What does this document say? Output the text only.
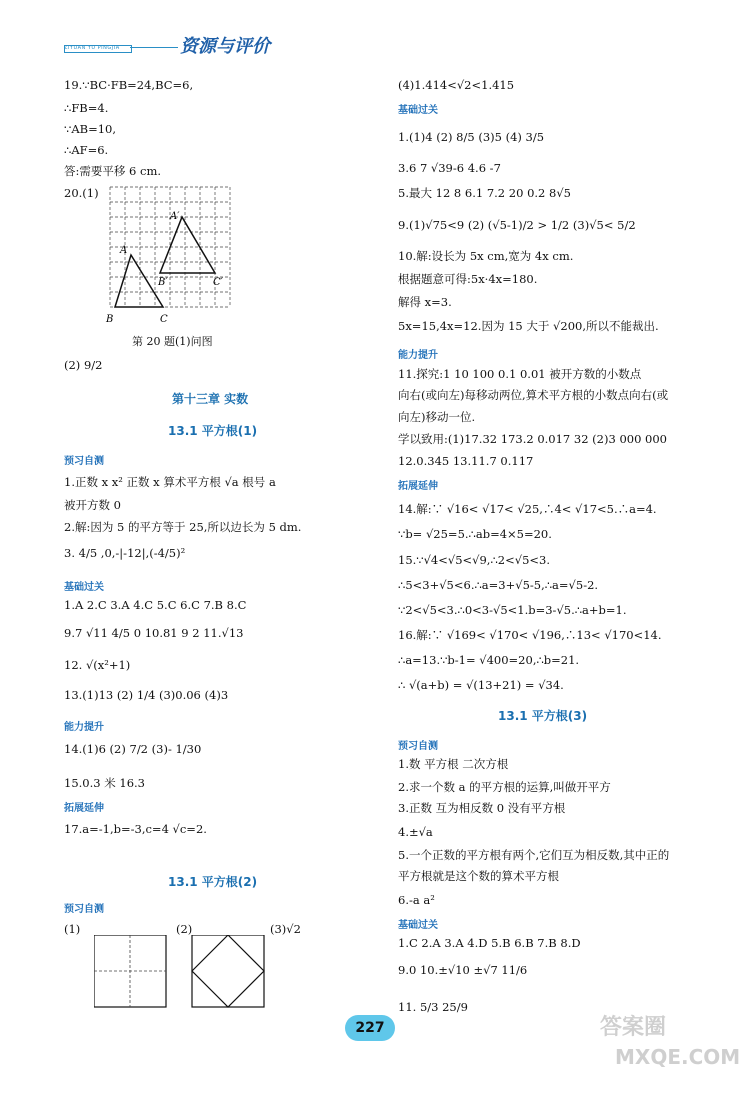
ZIYUAN YU PINGJIA	资源与评价
19.∵BC·FB=24,BC=6,
∴FB=4.
∵AB=10,
∴AF=6.
答:需要平移 6 cm.
20.(1)
A
B	C
A′
B′	C′
第 20 题(1)问图
(2) 9/2
第十三章 实数
13.1 平方根(1)
预习自测
1.正数 x x² 正数 x 算术平方根 √a 根号 a
被开方数 0
2.解:因为 5 的平方等于 25,所以边长为 5 dm.
3. 4/5 ,0,-|-12|,(-4/5)²
基础过关
1.A 2.C 3.A 4.C 5.C 6.C 7.B 8.C
9.7 √11 4/5 0 10.81 9 2 11.√13
12. √(x²+1)
13.(1)13 (2) 1/4 (3)0.06 (4)3
能力提升
14.(1)6 (2) 7/2 (3)- 1/30
15.0.3 米 16.3
拓展延伸
17.a=-1,b=-3,c=4 √c=2.
13.1 平方根(2)
预习自测
(1)	(2)	(3)√2
(4)1.414<√2<1.415
基础过关
1.(1)4 (2) 8/5 (3)5 (4) 3/5
3.6 7 √39-6 4.6 -7
5.最大 12 8 6.1 7.2 20 0.2 8√5
9.(1)√75<9 (2) (√5-1)/2 > 1/2 (3)√5< 5/2
10.解:设长为 5x cm,宽为 4x cm.
根据题意可得:5x·4x=180.
解得 x=3.
5x=15,4x=12.因为 15 大于 √200,所以不能裁出.
能力提升
11.探究:1 10 100 0.1 0.01 被开方数的小数点
向右(或向左)每移动两位,算术平方根的小数点向右(或
向左)移动一位.
学以致用:(1)17.32 173.2 0.017 32 (2)3 000 000
12.0.345 13.11.7 0.117
拓展延伸
14.解:∵ √16< √17< √25,∴4< √17<5.∴a=4.
∵b= √25=5.∴ab=4×5=20.
15.∵√4<√5<√9,∴2<√5<3.
∴5<3+√5<6.∴a=3+√5-5,∴a=√5-2.
∵2<√5<3.∴0<3-√5<1.b=3-√5.∴a+b=1.
16.解:∵ √169< √170< √196,∴13< √170<14.
∴a=13.∵b-1= √400=20,∴b=21.
∴ √(a+b) = √(13+21) = √34.
13.1 平方根(3)
预习自测
1.数 平方根 二次方根
2.求一个数 a 的平方根的运算,叫做开平方
3.正数 互为相反数 0 没有平方根
4.±√a
5.一个正数的平方根有两个,它们互为相反数,其中正的
平方根就是这个数的算术平方根
6.-a a²
基础过关
1.C 2.A 3.A 4.D 5.B 6.B 7.B 8.D
9.0 10.±√10 ±√7 11/6
11. 5/3 25/9
227	答案圈
MXQE.COM
